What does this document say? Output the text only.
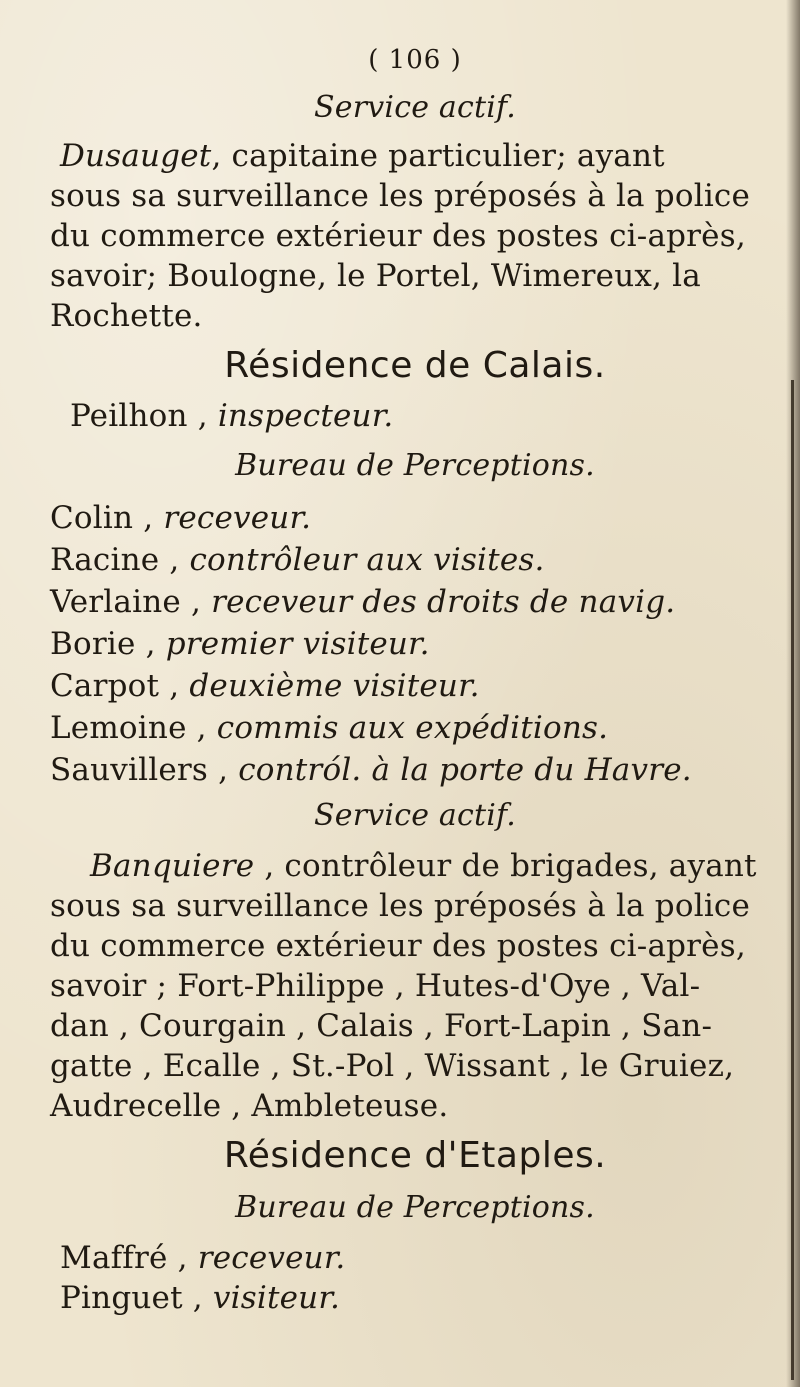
( 106 )
Service actif.
Dusauget, capitaine particulier; ayant
sous sa surveillance les préposés à la police
du commerce extérieur des postes ci-après,
savoir; Boulogne, le Portel, Wimereux, la
Rochette.
Résidence de Calais.
Peilhon , inspecteur.
Bureau de Perceptions.
Colin , receveur.
Racine , contrôleur aux visites.
Verlaine , receveur des droits de navig.
Borie , premier visiteur.
Carpot , deuxième visiteur.
Lemoine , commis aux expéditions.
Sauvillers , contról. à la porte du Havre.
Service actif.
Banquiere , contrôleur de brigades, ayant
sous sa surveillance les préposés à la police
du commerce extérieur des postes ci-après,
savoir ; Fort-Philippe , Hutes-d'Oye , Val-
dan , Courgain , Calais , Fort-Lapin , San-
gatte , Ecalle , St.-Pol , Wissant , le Gruiez,
Audrecelle , Ambleteuse.
Résidence d'Etaples.
Bureau de Perceptions.
Maffré , receveur.
Pinguet , visiteur.
